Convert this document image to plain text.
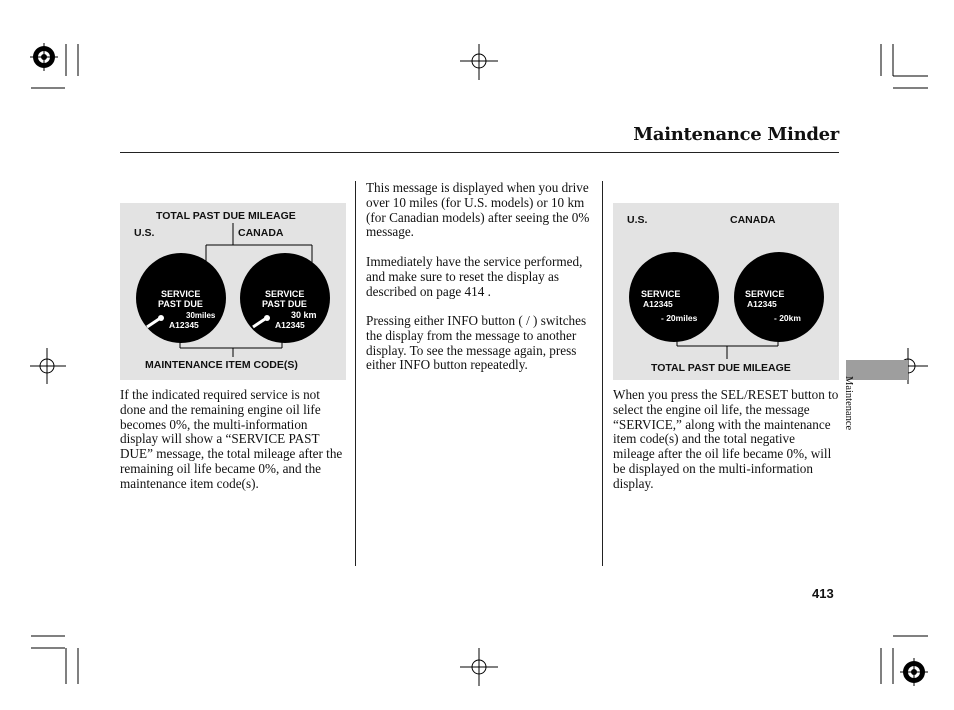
Maintenance Minder
TOTAL PAST DUE MILEAGE
U.S.	CANADA
MAINTENANCE ITEM CODE(S)
SERVICE
PAST DUE
30miles
A12345
SERVICE
PAST DUE
30 km
A12345
If the indicated required service is not done and the remaining engine oil life becomes 0%, the multi-information display will show a “SERVICE PAST DUE” message, the total mileage after the remaining oil life became 0%, and the maintenance item code(s).
This message is displayed when you drive over 10 miles (for U.S. models) or 10 km (for Canadian models) after seeing the 0% message.
Immediately have the service performed, and make sure to reset the display as described on page 414 .
Pressing either INFO button ( / ) switches the display from the message to another display. To see the message again, press either INFO button repeatedly.
U.S.	CANADA
TOTAL PAST DUE MILEAGE
SERVICE
A12345
- 20miles
SERVICE
A12345
- 20km
When you press the SEL/RESET button to select the engine oil life, the message “SERVICE,” along with the maintenance item code(s) and the total negative mileage after the oil life became 0%, will be displayed on the multi-information display.
Maintenance
413
